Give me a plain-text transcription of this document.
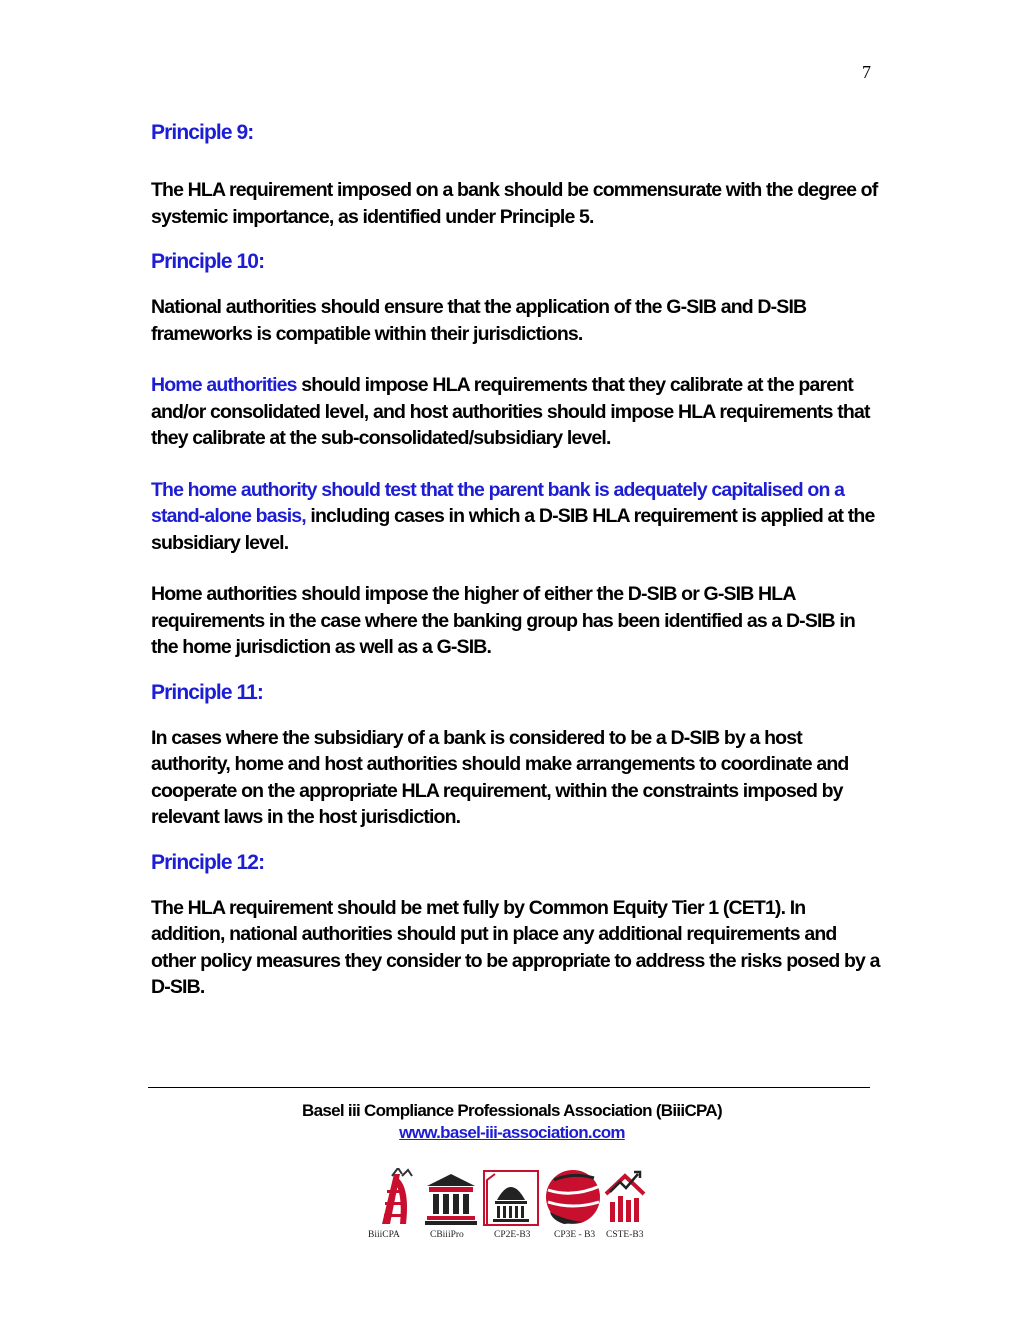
7
Principle 9:

The HLA requirement imposed on a bank should be commensurate with the degree of systemic importance, as identified under Principle 5.

Principle 10:

National authorities should ensure that the application of the G-SIB and D-SIB frameworks is compatible within their jurisdictions.

Home authorities should impose HLA requirements that they calibrate at the parent and/or consolidated level, and host authorities should impose HLA requirements that they calibrate at the sub-consolidated/subsidiary level.

The home authority should test that the parent bank is adequately capitalised on a stand-alone basis, including cases in which a D-SIB HLA requirement is applied at the subsidiary level.

Home authorities should impose the higher of either the D-SIB or G-SIB HLA requirements in the case where the banking group has been identified as a D-SIB in the home jurisdiction as well as a G-SIB.

Principle 11:

In cases where the subsidiary of a bank is considered to be a D-SIB by a host authority, home and host authorities should make arrangements to coordinate and cooperate on the appropriate HLA requirement, within the constraints imposed by relevant laws in the host jurisdiction.

Principle 12:

The HLA requirement should be met fully by Common Equity Tier 1 (CET1). In addition, national authorities should put in place any additional requirements and other policy measures they consider to be appropriate to address the risks posed by a D-SIB.

Basel iii Compliance Professionals Association (BiiiCPA)
www.basel-iii-association.com
BiiiCPA	CBiiiPro	CP2E-B3 CP3E - B3 CSTE-B3
